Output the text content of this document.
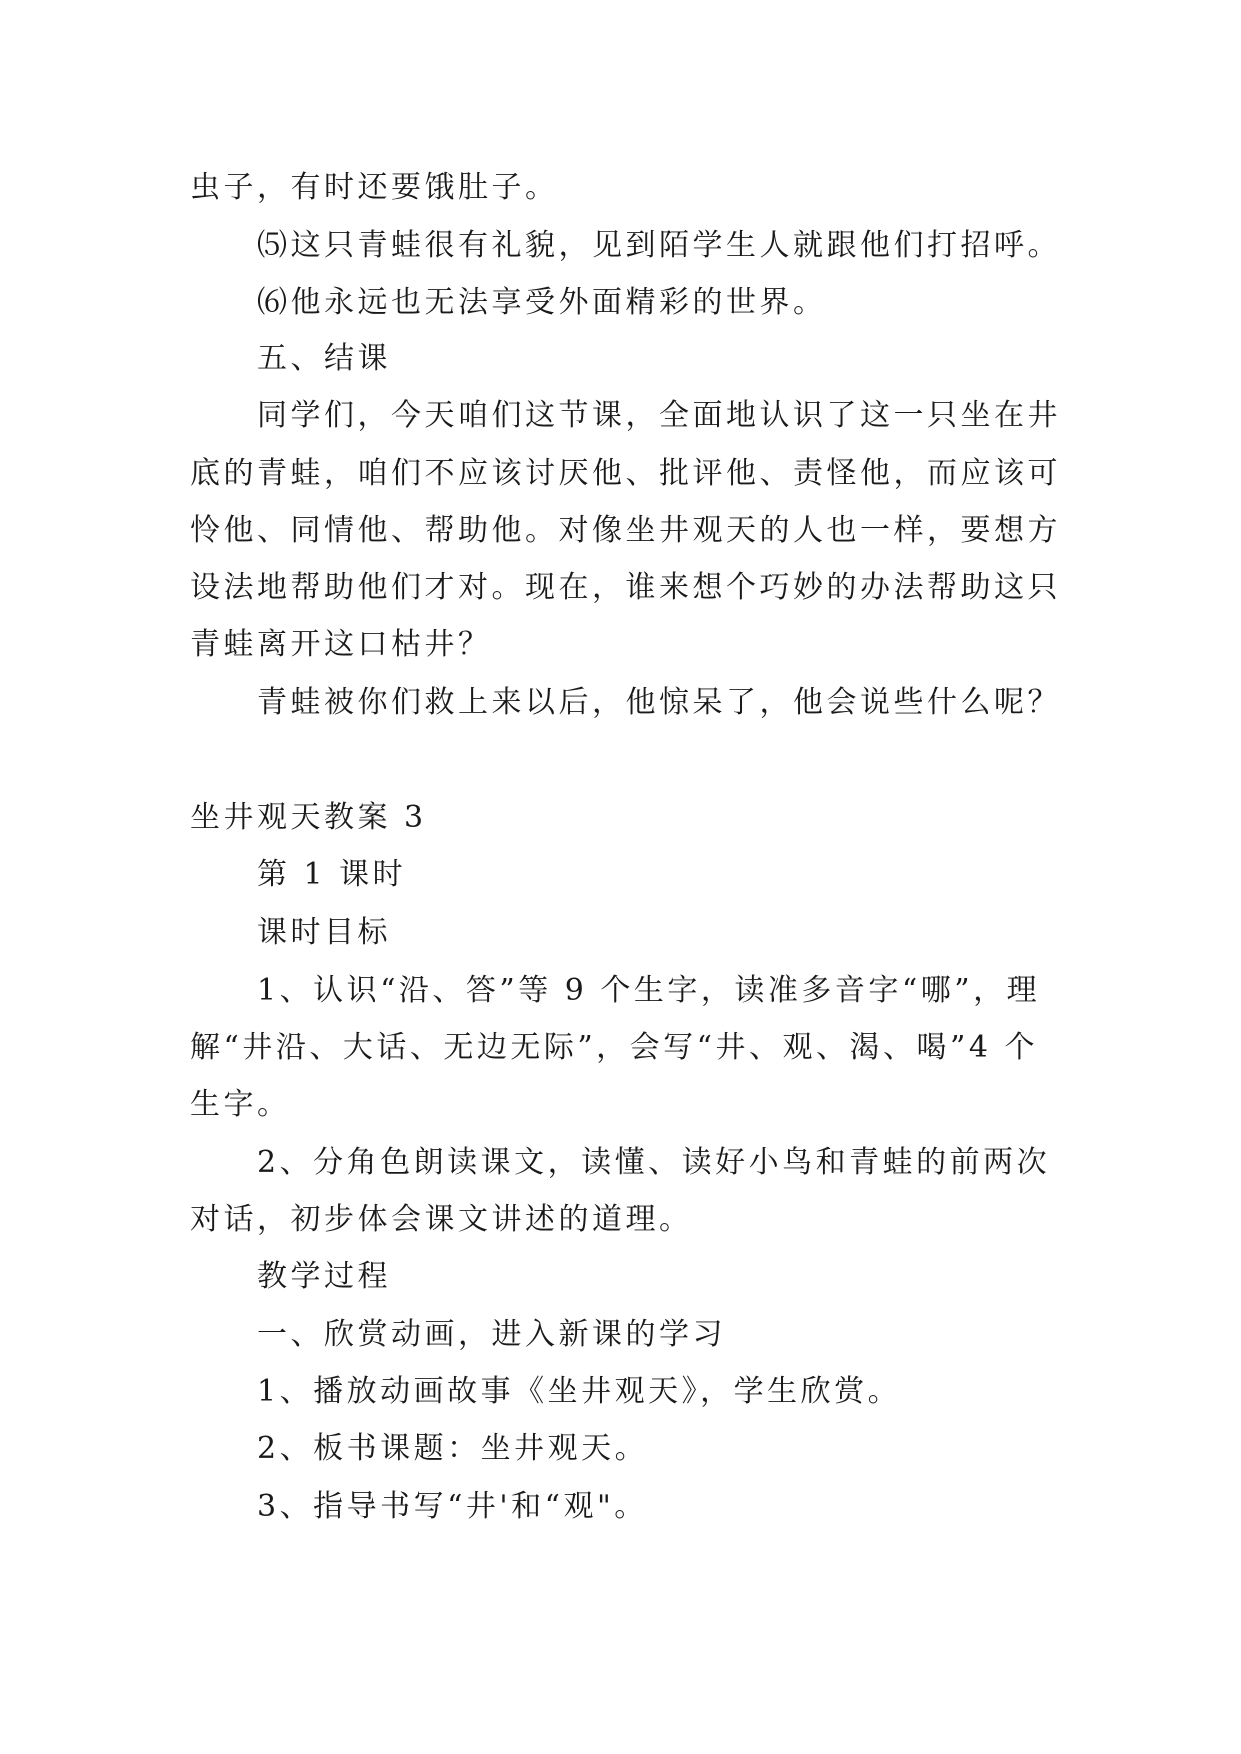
虫子，有时还要饿肚子。
⑸这只青蛙很有礼貌，见到陌学生人就跟他们打招呼。
⑹他永远也无法享受外面精彩的世界。
五、结课
同学们，今天咱们这节课，全面地认识了这一只坐在井
底的青蛙，咱们不应该讨厌他、批评他、责怪他，而应该可
怜他、同情他、帮助他。对像坐井观天的人也一样，要想方
设法地帮助他们才对。现在，谁来想个巧妙的办法帮助这只
青蛙离开这口枯井？
青蛙被你们救上来以后，他惊呆了，他会说些什么呢？
坐井观天教案 3
第 1 课时
课时目标
1、认识“沿、答”等 9 个生字，读准多音字“哪”，理
解“井沿、大话、无边无际”，会写“井、观、渴、喝”4 个
生字。
2、分角色朗读课文，读懂、读好小鸟和青蛙的前两次
对话，初步体会课文讲述的道理。
教学过程
一、欣赏动画，进入新课的学习
1、播放动画故事《坐井观天》，学生欣赏。
2、板书课题：坐井观天。
3、指导书写“井'和“观"。
